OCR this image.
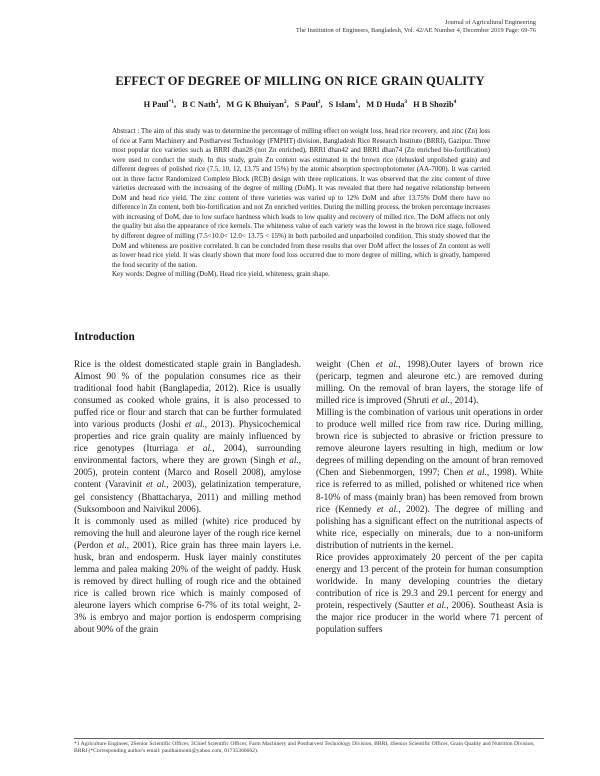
Journal of Agricultural Engineering
The Institution of Engineers, Bangladesh, Vol. 42/AE Number 4, December 2019 Page: 69-76
EFFECT OF DEGREE OF MILLING ON RICE GRAIN QUALITY
H Paul$^{*1}$, B C Nath$^2$, M G K Bhuiyan$^2$, S Paul$^2$, S Islam$^1$, M D Huda$^3$ H B Shozib$^4$
Abstract : The aim of this study was to determine the percentage of milling effect on weight loss, head rice recovery, and zinc (Zn) loss of rice at Farm Machinery and Postharvest Technology (FMPHT) division, Bangladesh Rice Research Institute (BRRI), Gazipur. Three most popular rice varieties such as BRRI dhan28 (not Zn enriched), BRRI dhan42 and BRRI dhan74 (Zn enriched bio-fortification) were used to conduct the study. In this study, grain Zn content was estimated in the brown rice (dehusked unpolished grain) and different degrees of polished rice (7.5, 10, 12, 13.75 and 15%) by the atomic absorption spectrophotometer (AA-7000). It was carried out in three factor Randomized Complete Block (RCB) design with three replications. It was observed that the zinc content of three varieties decreased with the increasing of the degree of milling (DoM). It was revealed that there had negative relationship between DoM and head rice yield. The zinc content of three varieties was varied up to 12% DoM and after 13.75% DoM there have no difference in Zn content, both bio-fortification and not Zn enriched verities. During the milling process, the broken percentage increases with increasing of DoM, due to low surface hardness which leads to low quality and recovery of milled rice. The DoM affects not only the quality but also the appearance of rice kernels. The whiteness value of each variety was the lowest in the brown rice stage, followed by different degree of milling (7.5<10.0< 12.0< 13.75 < 15%) in both parboiled and unparboiled condition. This study showed that the DoM and whiteness are positive correlated. It can be concluded from these results that over DoM affect the losses of Zn content as well as lower head rice yield. It was clearly shown that more food loss occurred due to more degree of milling, which is greatly, hampered the food security of the nation.
Key words: Degree of milling (DoM), Head rice yield, whiteness, grain shape.
Introduction

Rice is the oldest domesticated staple grain in Bangladesh. Almost 90 % of the population consumes rice as their traditional food habit (Banglapedia, 2012). Rice is usually consumed as cooked whole grains, it is also processed to puffed rice or flour and starch that can be further formulated into various products (Joshi et al., 2013). Physicochemical properties and rice grain quality are mainly influenced by rice genotypes (Iturriaga et al., 2004), surrounding environmental factors, where they are grown (Singh et al., 2005), protein content (Marco and Rosell 2008), amylose content (Varavinit et al., 2003), gelatinization temperature, gel consistency (Bhattacharya, 2011) and milling method (Suksomboon and Naivikul 2006).

It is commonly used as milled (white) rice produced by removing the hull and aleurone layer of the rough rice kernel (Perdon et al., 2001). Rice grain has three main layers i.e. husk, bran and endosperm. Husk layer mainly constitutes lemma and palea making 20% of the weight of paddy. Husk is removed by direct hulling of rough rice and the obtained rice is called brown rice which is mainly composed of aleurone layers which comprise 6-7% of its total weight, 2-3% is embryo and major portion is endosperm comprising about 90% of the grain

weight (Chen et al., 1998).Outer layers of brown rice (pericarp, tegmen and aleurone etc.) are removed during milling. On the removal of bran layers, the storage life of milled rice is improved (Shruti et al., 2014).

Milling is the combination of various unit operations in order to produce well milled rice from raw rice. During milling, brown rice is subjected to abrasive or friction pressure to remove aleurone layers resulting in high, medium or low degrees of milling depending on the amount of bran removed (Chen and Siebenmorgen, 1997; Chen et al., 1998). White rice is referred to as milled, polished or whitened rice when 8-10% of mass (mainly bran) has been removed from brown rice (Kennedy et al., 2002). The degree of milling and polishing has a significant effect on the nutritional aspects of white rice, especially on minerals, due to a non-uniform distribution of nutrients in the kernel.

Rice provides approximately 20 percent of the per capita energy and 13 percent of the protein for human consumption worldwide. In many developing countries the dietary contribution of rice is 29.3 and 29.1 percent for energy and protein, respectively (Sautter et al., 2006). Southeast Asia is the major rice producer in the world where 71 percent of population suffers

*1 Agriculture Engineer, 2Senior Scientific Officer, 3Chief Scientific Officer, Farm Machinery and Postharvest Technology Division, BRRI, 4Senior Scientific Officer, Grain Quality and Nutrition Division, BRRI (*Corresponding author's email: paulhaimonti@yahoo.com, 01735366662).
